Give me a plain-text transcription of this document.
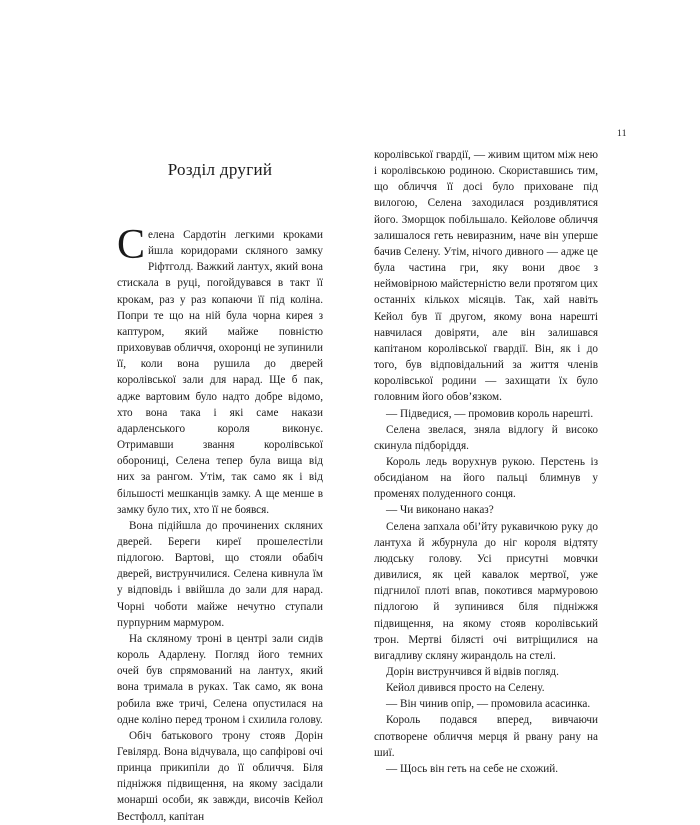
11
Розділ другий

Селена Сардотін легкими кроками йшла коридорами скляного замку Ріфтголд. Важкий лантух, який вона стискала в руці, погойдувався в такт її крокам, раз у раз копаючи її під коліна. Попри те що на ній була чорна кирея з каптуром, який майже повністю приховував обличчя, охоронці не зупинили її, коли вона рушила до дверей королівської зали для нарад. Ще б пак, адже вартовим було надто добре відомо, хто вона така і які саме накази адарленського короля виконує. Отримавши звання королівської оборониці, Селена тепер була вища від них за рангом. Утім, так само як і від більшості мешканців замку. А ще менше в замку було тих, хто її не боявся.

Вона підійшла до прочинених скляних дверей. Береги киреї прошелестіли підлогою. Вартові, що стояли обабіч дверей, виструнчилися. Селена кивнула їм у відповідь і ввійшла до зали для нарад. Чорні чоботи майже нечутно ступали пурпурним мармуром.

На скляному троні в центрі зали сидів король Адарлену. Погляд його темних очей був спрямований на лантух, який вона тримала в руках. Так само, як вона робила вже тричі, Селена опустилася на одне коліно перед троном і схилила голову.

Обіч батькового трону стояв Дорін Гевілярд. Вона відчувала, що сапфірові очі принца прикипіли до її обличчя. Біля підніжжя підвищення, на якому засідали монарші особи, як завжди, височів Кейол Вестфолл, капітан

королівської гвардії, — живим щитом між нею і королівською родиною. Скориставшись тим, що обличчя її досі було приховане під вилогою, Селена заходилася роздивлятися його. Зморщок побільшало. Кейолове обличчя залишалося геть невиразним, наче він уперше бачив Селену. Утім, нічого дивного — адже це була частина гри, яку вони двоє з неймовірною майстерністю вели протягом цих останніх кількох місяців. Так, хай навіть Кейол був її другом, якому вона нарешті навчилася довіряти, але він залишався капітаном королівської гвардії. Він, як і до того, був відповідальний за життя членів королівської родини — захищати їх було головним його обов’язком.

— Підведися, — промовив король нарешті.

Селена звелася, зняла відлогу й високо скинула підборіддя.

Король ледь ворухнув рукою. Перстень із обсидіаном на його пальці блимнув у променях полуденного сонця.

— Чи виконано наказ?

Селена запхала обі’йту рукавичкою руку до лантуха й жбурнула до ніг короля відтяту людську голову. Усі присутні мовчки дивилися, як цей кавалок мертвої, уже підгнилої плоті впав, покотився мармуровою підлогою й зупинився біля підніжжя підвищення, на якому стояв королівський трон. Мертві білясті очі витріщилися на вигадливу скляну жирандоль на стелі.

Дорін виструнчився й відвів погляд.

Кейол дивився просто на Селену.

— Він чинив опір, — промовила асасинка.

Король подався вперед, вивчаючи спотворене обличчя мерця й рвану рану на шиї.

— Щось він геть на себе не схожий.
